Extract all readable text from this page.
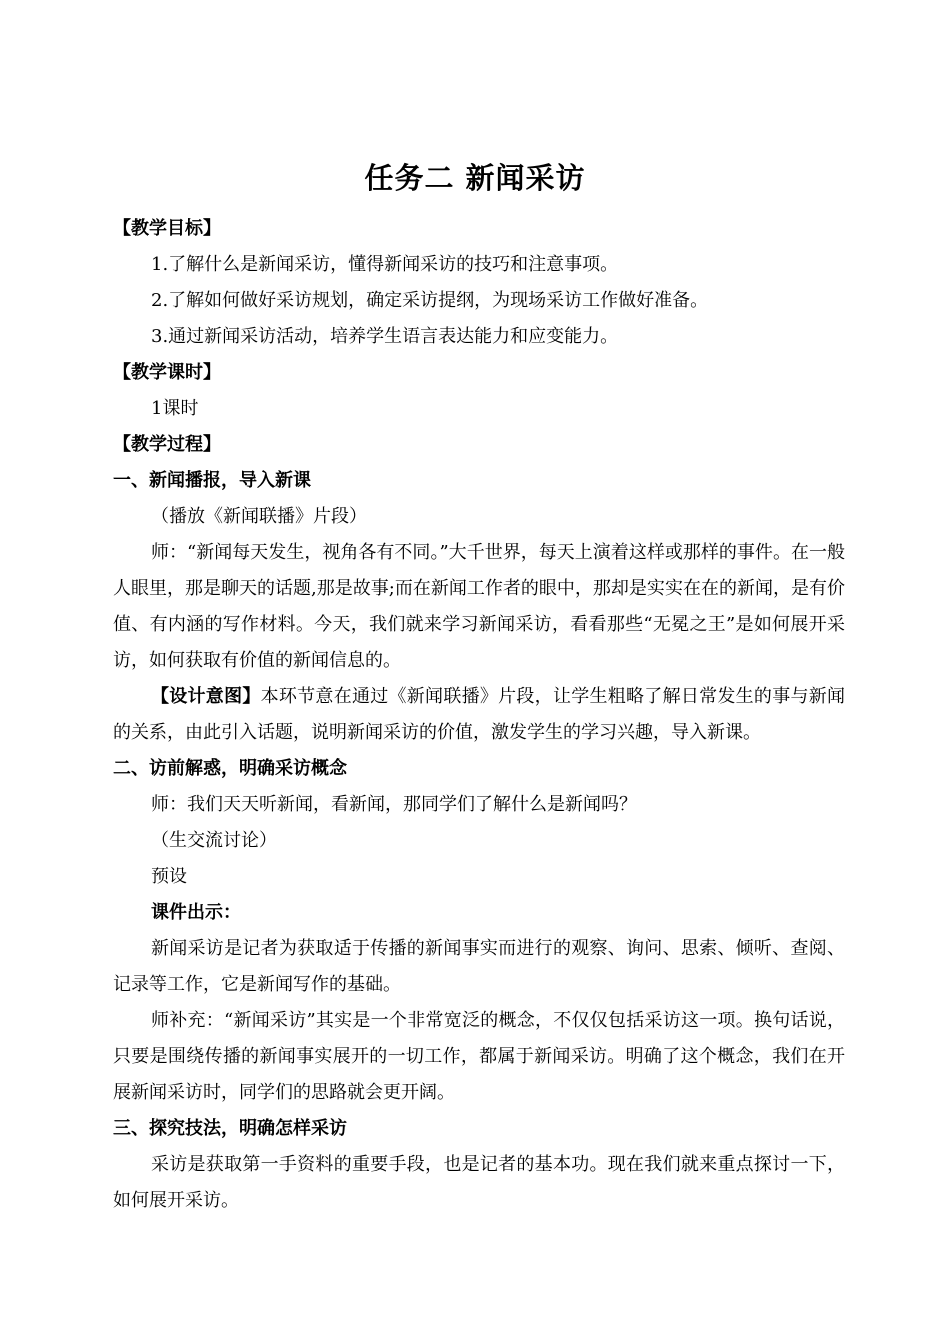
任务二 新闻采访

【教学目标】

1.了解什么是新闻采访，懂得新闻采访的技巧和注意事项。

2.了解如何做好采访规划，确定采访提纲，为现场采访工作做好准备。

3.通过新闻采访活动，培养学生语言表达能力和应变能力。

【教学课时】

1课时

【教学过程】

一、新闻播报，导入新课

（播放《新闻联播》片段）

师：“新闻每天发生，视角各有不同。”大千世界，每天上演着这样或那样的事件。在一般人眼里，那是聊天的话题,那是故事;而在新闻工作者的眼中，那却是实实在在的新闻，是有价值、有内涵的写作材料。今天，我们就来学习新闻采访，看看那些“无冕之王”是如何展开采访，如何获取有价值的新闻信息的。

【设计意图】本环节意在通过《新闻联播》片段，让学生粗略了解日常发生的事与新闻的关系，由此引入话题，说明新闻采访的价值，激发学生的学习兴趣，导入新课。

二、访前解惑，明确采访概念

师：我们天天听新闻，看新闻，那同学们了解什么是新闻吗？

（生交流讨论）

预设

课件出示：

新闻采访是记者为获取适于传播的新闻事实而进行的观察、询问、思索、倾听、查阅、记录等工作，它是新闻写作的基础。

师补充：“新闻采访”其实是一个非常宽泛的概念，不仅仅包括采访这一项。换句话说，只要是围绕传播的新闻事实展开的一切工作，都属于新闻采访。明确了这个概念，我们在开展新闻采访时，同学们的思路就会更开阔。

三、探究技法，明确怎样采访

采访是获取第一手资料的重要手段，也是记者的基本功。现在我们就来重点探讨一下，如何展开采访。
